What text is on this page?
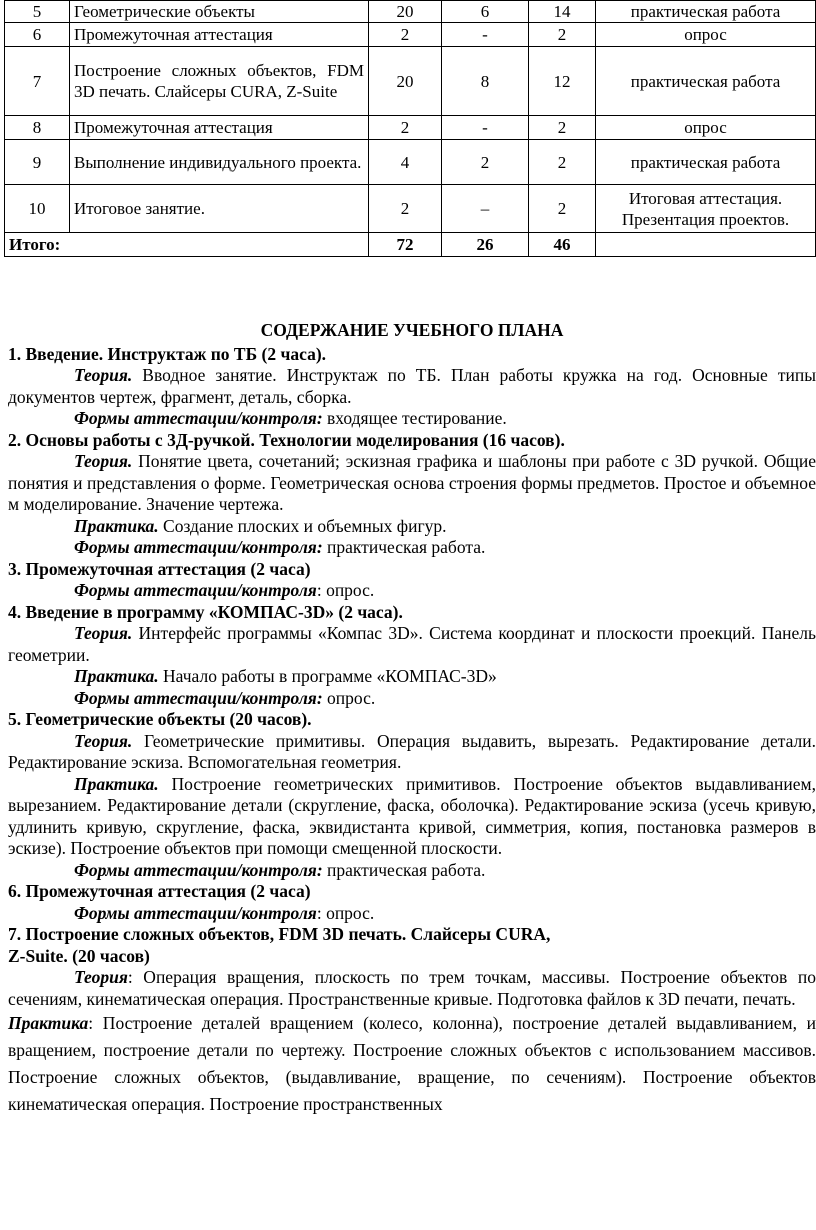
5	Геометрические объекты	20	6	14	практическая работа
6	Промежуточная аттестация	2	-	2	опрос
7	Построение сложных объектов, FDM 3D печать. Слайсеры CURA, Z-Suite	20	8	12	практическая работа
8	Промежуточная аттестация	2	-	2	опрос
9	Выполнение индивидуального проекта.	4	2	2	практическая работа
10	Итоговое занятие.	2	–	2	Итоговая аттестация. Презентация проектов.
Итого:		72	26	46	

СОДЕРЖАНИЕ УЧЕБНОГО ПЛАНА

1. Введение. Инструктаж по ТБ (2 часа).

Теория. Вводное занятие. Инструктаж по ТБ. План работы кружка на год. Основные типы документов чертеж, фрагмент, деталь, сборка.

Формы аттестации/контроля: входящее тестирование.

2. Основы работы с 3Д-ручкой. Технологии моделирования (16 часов).

Теория. Понятие цвета, сочетаний; эскизная графика и шаблоны при работе с 3D ручкой. Общие понятия и представления о форме. Геометрическая основа строения формы предметов. Простое и объемное м моделирование. Значение чертежа.

Практика. Создание плоских и объемных фигур.

Формы аттестации/контроля: практическая работа.

3. Промежуточная аттестация (2 часа)

Формы аттестации/контроля: опрос.

4. Введение в программу «КОМПАС-3D» (2 часа).

Теория. Интерфейс программы «Компас 3D». Система координат и плоскости проекций. Панель геометрии.

Практика. Начало работы в программе «КОМПАС-3D»

Формы аттестации/контроля: опрос.

5. Геометрические объекты (20 часов).

Теория. Геометрические примитивы. Операция выдавить, вырезать. Редактирование детали. Редактирование эскиза. Вспомогательная геометрия.

Практика. Построение геометрических примитивов. Построение объектов выдавливанием, вырезанием. Редактирование детали (скругление, фаска, оболочка). Редактирование эскиза (усечь кривую, удлинить кривую, скругление, фаска, эквидистанта кривой, симметрия, копия, постановка размеров в эскизе). Построение объектов при помощи смещенной плоскости.

Формы аттестации/контроля: практическая работа.

6. Промежуточная аттестация (2 часа)

Формы аттестации/контроля: опрос.

7. Построение сложных объектов, FDM 3D печать. Слайсеры CURA,
Z-Suite. (20 часов)

Теория: Операция вращения, плоскость по трем точкам, массивы. Построение объектов по сечениям, кинематическая операция. Пространственные кривые. Подготовка файлов к 3D печати, печать.

Практика: Построение деталей вращением (колесо, колонна), построение деталей выдавливанием, и вращением, построение детали по чертежу. Построение сложных объектов с использованием массивов. Построение сложных объектов, (выдавливание, вращение, по сечениям). Построение объектов кинематическая операция. Построение пространственных
